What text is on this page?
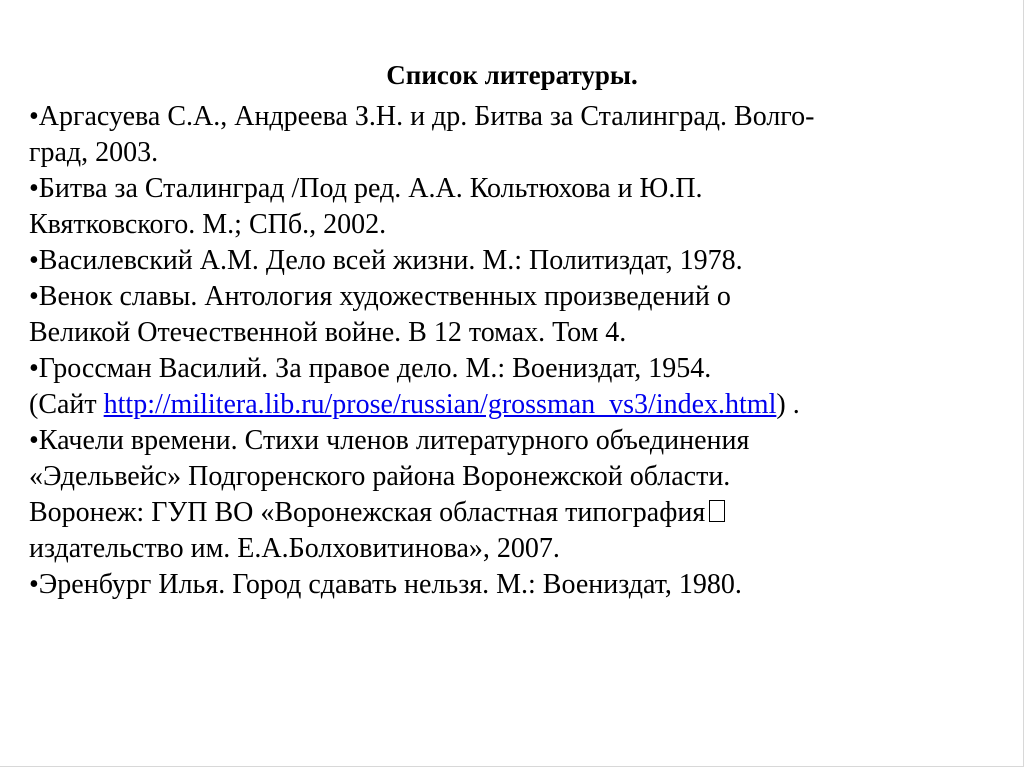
Список литературы.
•Аргасуева С.А., Андреева З.Н. и др. Битва за Сталинград. Волго-
град, 2003.
•Битва за Сталинград /Под ред. А.А. Кольтюхова и Ю.П.
Квятковского. М.; СПб., 2002.
•Василевский А.М. Дело всей жизни. М.: Политиздат, 1978.
•Венок славы. Антология художественных произведений о
Великой Отечественной войне. В 12 томах. Том 4.
•Гроссман Василий. За правое дело. М.: Воениздат, 1954.
(Сайт http://militera.lib.ru/prose/russian/grossman_vs3/index.html) .
•Качели времени. Стихи членов литературного объединения
«Эдельвейс» Подгоренского района Воронежской области.
Воронеж: ГУП ВО «Воронежская областная типография
издательство им. Е.А.Болховитинова», 2007.
•Эренбург Илья. Город сдавать нельзя. М.: Воениздат, 1980.
